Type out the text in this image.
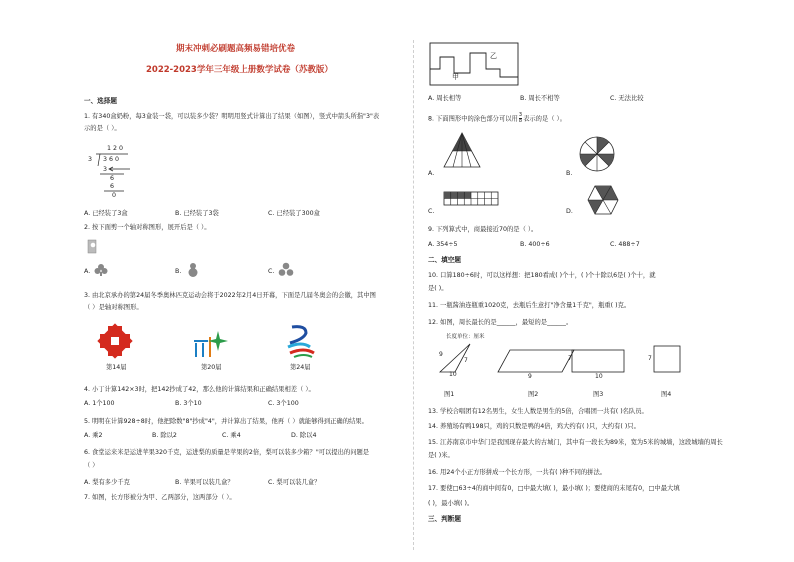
期末冲刺必刷题高频易错培优卷
2022-2023学年三年级上册数学试卷（苏教版）
一、选择题
1. 有340盒奶粉，每3盒装一袋，可以装多少袋？明明用竖式计算出了结果（如图），竖式中箭头所指"3"表
示的是（ ）。
1 2 0
3 3 6 0
3
6
6
0
A. 已经装了3盒	B. 已经装了3袋	C. 已经装了300盒
2. 按下面剪一个轴对称图形，展开后是（ ）。
A.	B.	C.
3. 由北京承办的第24届冬季奥林匹克运动会将于2022年2月4日开幕，下面是几届冬奥会的会徽，其中图
（ ）是轴对称图形。
第14届	第20届	第24届
4. 小丁计算142×3时，把142抄成了42，那么他的计算结果和正确结果相差（ ）。
A. 1个100	B. 3个10	C. 3个100
5. 明明在计算928÷8时，他把除数"8"抄成"4"，并计算出了结果，他再（ ）就能够得到正确的结果。
A. 乘2	B. 除以2	C. 乘4	D. 除以4
6. 食堂运来米是运进苹果320千克，运进梨的质量是苹果的2倍，梨可以装多少箱？"可以提出的问题是
（ ）
A. 梨有多少千克	B. 苹果可以装几盒？	C. 梨可以装几盒？
7. 如图，长方形被分为甲、乙两部分，这两部分（ ）。
乙
甲
A. 周长相等	B. 周长不相等	C. 无法比较
8. 下面图形中的涂色部分可以用 $\frac{3}{8}$ 表示的是（ ）。
A.	B.
C.	D.
9. 下列算式中，商最接近70的是（ ）。
A. 354÷5	B. 400÷6	C. 488÷7
二、填空题
10. 口算180÷6时，可以这样想：把180看成( )个十，( )个十除以6是( )个十，就
是( )。
11. 一瓶酱油连瓶重1020克，去瓶后生意打"净含量1千克"，瓶重( )克。
12. 如图，周长最长的是______，最短的是______。
长度单位：厘米
9
7
10	9
7
10
7
图1	图2	图3	图4
13. 学校合唱团有12名男生，女生人数是男生的5倍，合唱团一共有( )名队员。
14. 养殖场有鸭198只，鸡的只数是鸭的4倍，鸡大约有( )只，大约有( )只。
15. 江苏南京市中华门是我国现存最大的古城门，其中有一段长为89米，宽为5米的城墙，这段城墙的周长
是( )米。
16. 用24个小正方形拼成一个长方形，一共有( )种不同的拼法。
17. 要使□63÷4的商中间有0，□中最大填( )，最小填( )；要使商的末尾有0，□中最大填
( )，最小填( )。
三、判断题
